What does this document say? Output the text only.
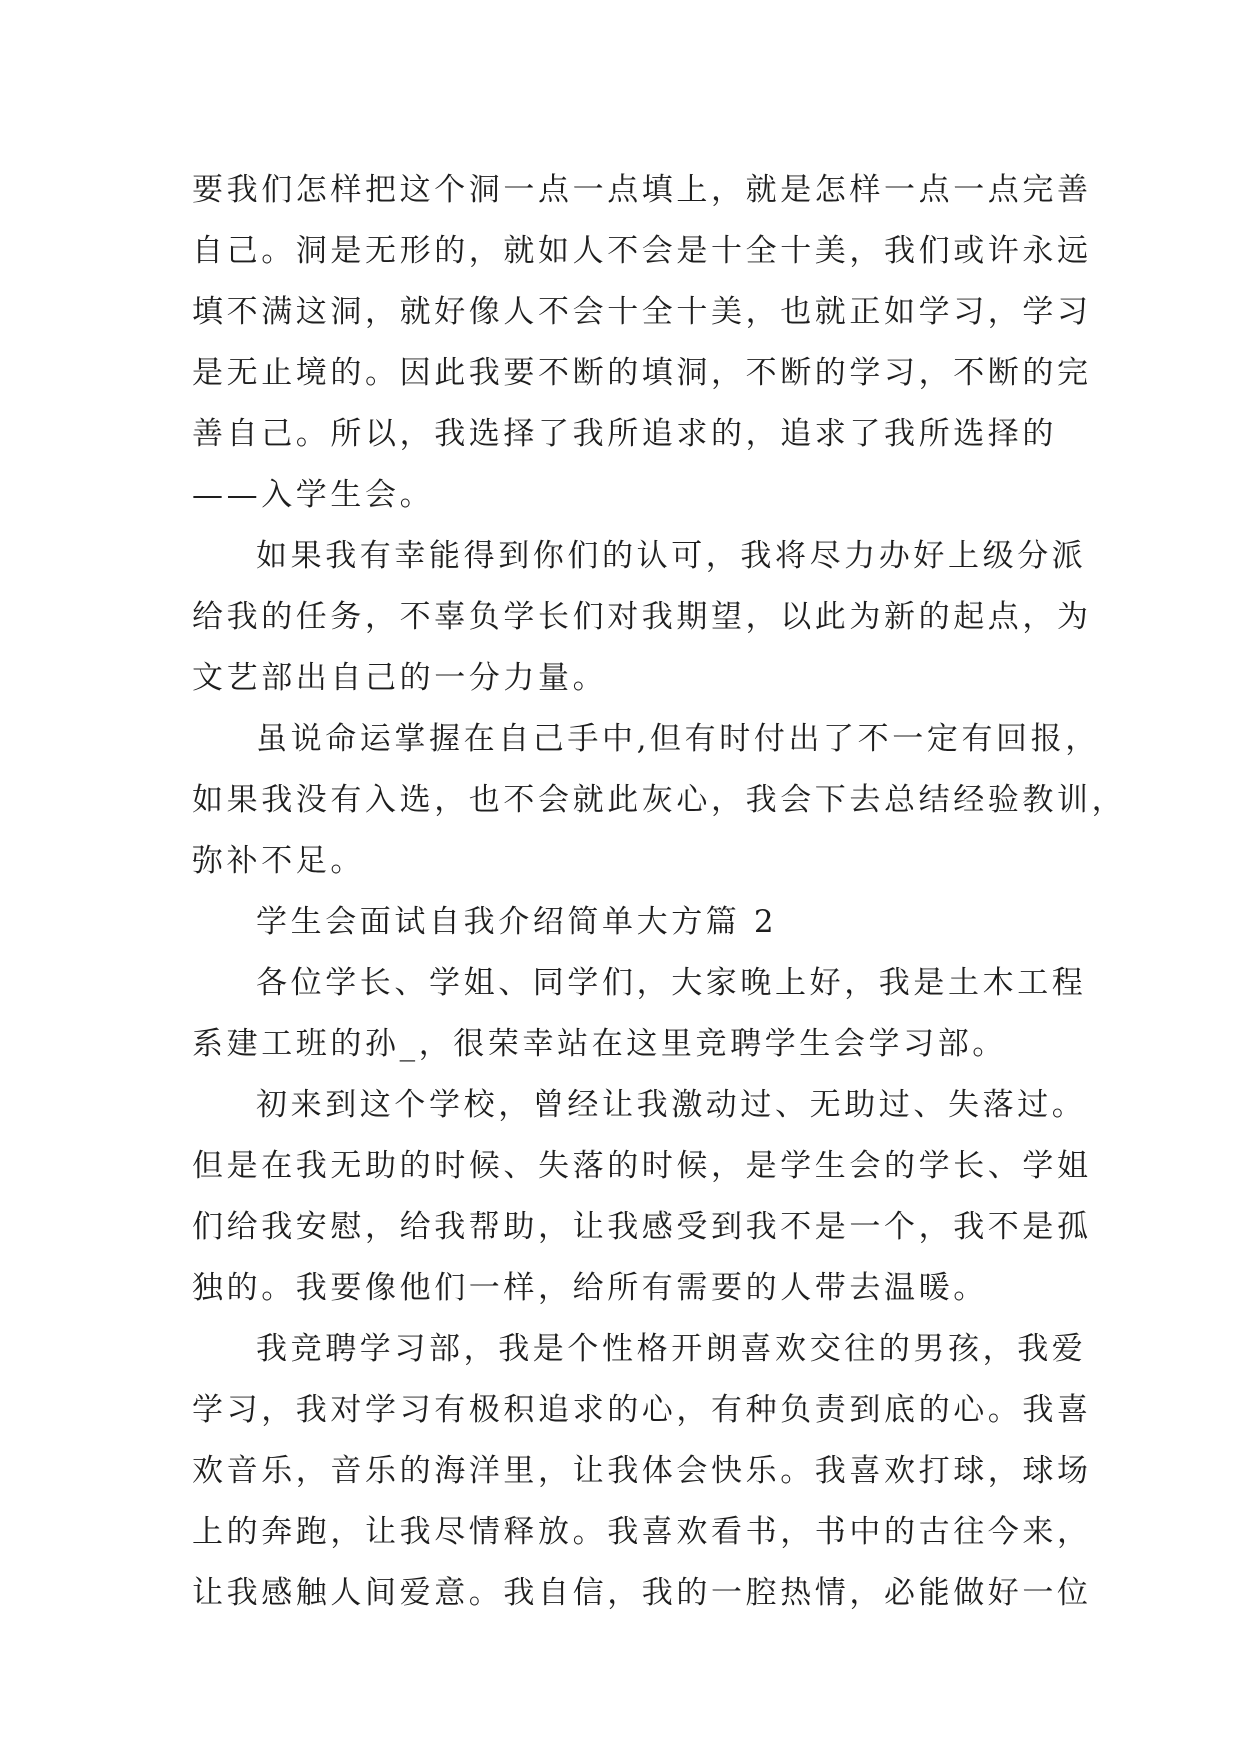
要我们怎样把这个洞一点一点填上，就是怎样一点一点完善
自己。洞是无形的，就如人不会是十全十美，我们或许永远
填不满这洞，就好像人不会十全十美，也就正如学习，学习
是无止境的。因此我要不断的填洞，不断的学习，不断的完
善自己。所以，我选择了我所追求的，追求了我所选择的
——入学生会。
如果我有幸能得到你们的认可，我将尽力办好上级分派
给我的任务，不辜负学长们对我期望，以此为新的起点，为
文艺部出自己的一分力量。
虽说命运掌握在自己手中,但有时付出了不一定有回报，
如果我没有入选，也不会就此灰心，我会下去总结经验教训，
弥补不足。
学生会面试自我介绍简单大方篇 2
各位学长、学姐、同学们，大家晚上好，我是土木工程
系建工班的孙_，很荣幸站在这里竞聘学生会学习部。
初来到这个学校，曾经让我激动过、无助过、失落过。
但是在我无助的时候、失落的时候，是学生会的学长、学姐
们给我安慰，给我帮助，让我感受到我不是一个，我不是孤
独的。我要像他们一样，给所有需要的人带去温暖。
我竞聘学习部，我是个性格开朗喜欢交往的男孩，我爱
学习，我对学习有极积追求的心，有种负责到底的心。我喜
欢音乐，音乐的海洋里，让我体会快乐。我喜欢打球，球场
上的奔跑，让我尽情释放。我喜欢看书，书中的古往今来，
让我感触人间爱意。我自信，我的一腔热情，必能做好一位
